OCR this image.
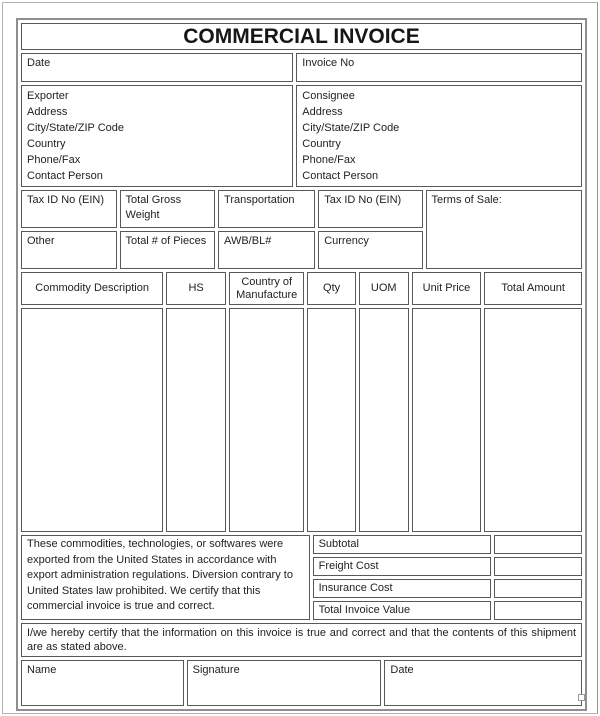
COMMERCIAL INVOICE
Date	Invoice No
Exporter
Address
City/State/ZIP Code
Country
Phone/Fax
Contact Person

Consignee
Address
City/State/ZIP Code
Country
Phone/Fax
Contact Person
Tax ID No (EIN)	Total Gross Weight	Transportation	Tax ID No (EIN)	Terms of Sale:

Other	Total # of Pieces	AWB/BL#	Currency	
Commodity Description	HS	Country of Manufacture	Qty	UOM	Unit Price	Total Amount

These commodities, technologies, or softwares were exported from the United States in accordance with export administration regulations. Diversion contrary to United States law prohibited. We certify that this commercial invoice is true and correct.	Subtotal	
	Freight Cost	
	Insurance Cost	
	Total Invoice Value	
I/we hereby certify that the information on this invoice is true and correct and that the contents of this shipment are as stated above.
Name	Signature	Date
